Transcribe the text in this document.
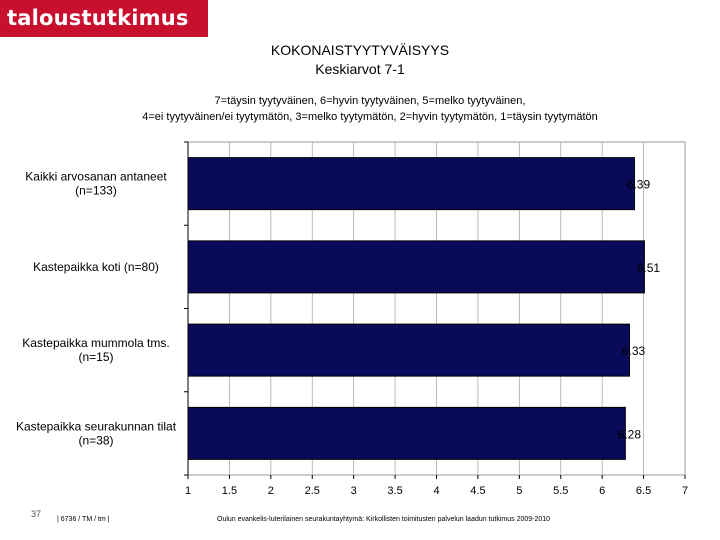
taloustutkimus oy	KOKONAISTYYTYVÄISYYS
Keskiarvot 7-1
7=täysin tyytyväinen, 6=hyvin tyytyväinen, 5=melko tyytyväinen,
4=ei tyytyväinen/ei tyytymätön, 3=melko tyytymätön, 2=hyvin tyytymätön, 1=täysin tyytymätön
1	1.5	2	2.5	3	3.5	4	4.5	5	5.5	6	6.5	7
6.39
Kaikki arvosanan antaneet
(n=133)
6.51
Kastepaikka koti (n=80)
6.33
Kastepaikka mummola tms.
(n=15)
6.28
Kastepaikka seurakunnan tilat
(n=38)
37
| 6736 / TM / tm |	Oulun evankelis-luterilainen seurakuntayhtymä: Kirkollisten toimitusten palvelun laadun tutkimus 2009-2010
